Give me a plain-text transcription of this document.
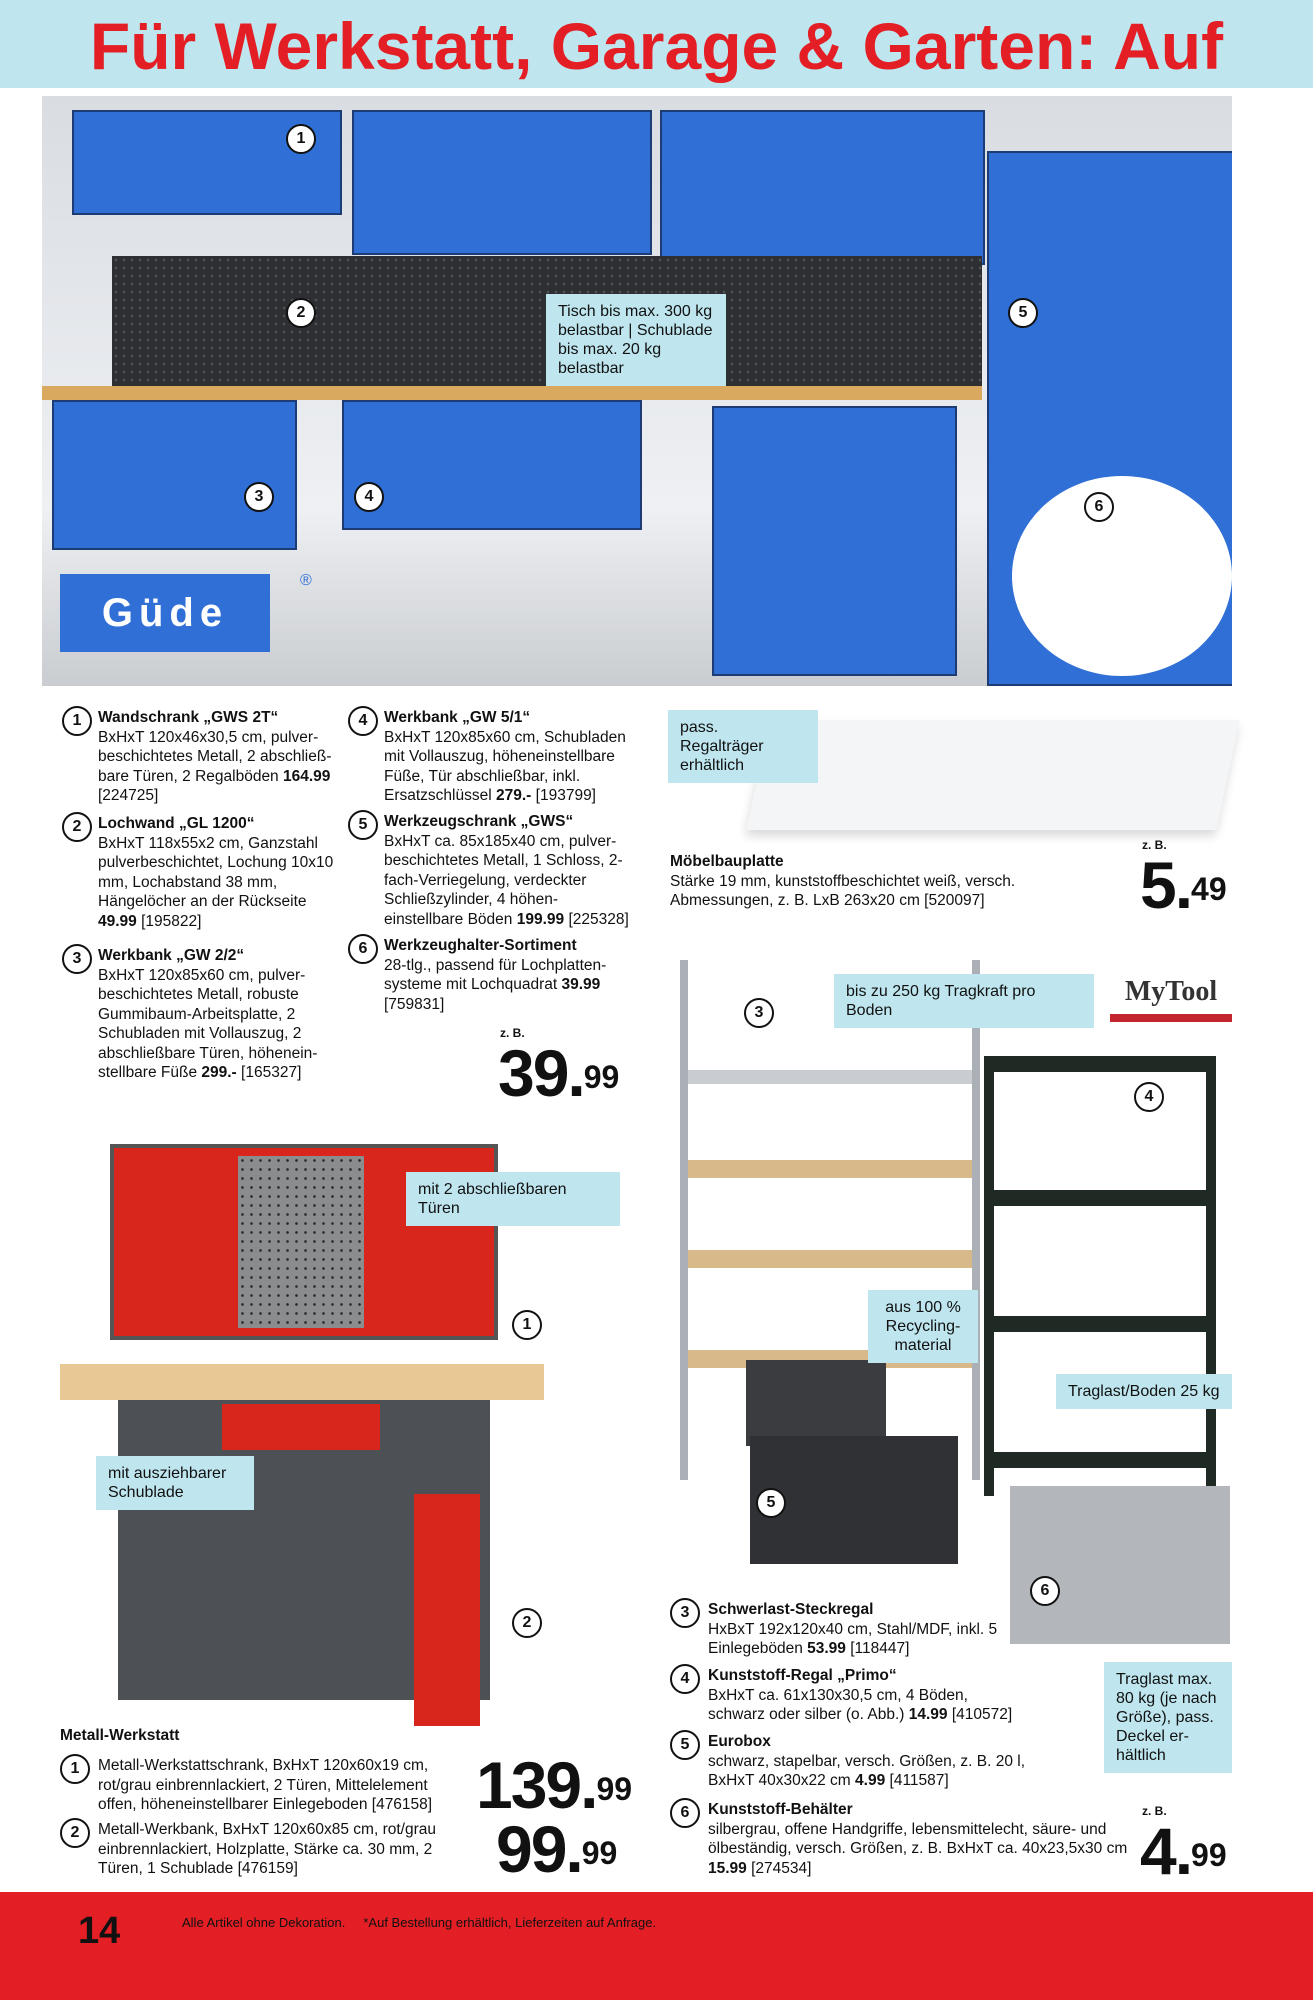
Für Werkstatt, Garage & Garten: Auf
Güde
®
Tisch bis max. 300 kg belastbar | Schublade bis max. 20 kg belastbar
1
2
3	4
5
6
1	Wandschrank „GWS 2T“
BxHxT 120x46x30,5 cm, pulverbeschichtetes Metall, 2 abschließbare Türen, 2 Regalböden 164.99 [224725]
2	Lochwand „GL 1200“
BxHxT 118x55x2 cm, Ganzstahl pulverbeschichtet, Lochung 10x10 mm, Lochabstand 38 mm, Hängelöcher an der Rückseite 49.99 [195822]
3	Werkbank „GW 2/2“
BxHxT 120x85x60 cm, pulverbeschichtetes Metall, robuste Gummibaum-Arbeitsplatte, 2 Schubladen mit Vollauszug, 2 abschließbare Türen, höheneinstellbare Füße 299.- [165327]
4	Werkbank „GW 5/1“
BxHxT 120x85x60 cm, Schubladen mit Vollauszug, höheneinstellbare Füße, Tür abschließbar, inkl. Ersatzschlüssel 279.- [193799]
5	Werkzeugschrank „GWS“
BxHxT ca. 85x185x40 cm, pulverbeschichtetes Metall, 1 Schloss, 2-fach-Verriegelung, verdeckter Schließzylinder, 4 höheneinstellbare Böden 199.99 [225328]
6	Werkzeughalter-Sortiment
28-tlg., passend für Lochplattensysteme mit Lochquadrat 39.99 [759831]
z. B.
39.99
pass. Regalträger erhältlich
Möbelbauplatte
Stärke 19 mm, kunststoffbeschichtet weiß, versch. Abmessungen, z. B. LxB 263x20 cm [520097]
z. B.
5.49
mit 2 abschließbaren Türen
mit ausziehbarer Schublade
1
2
Metall-Werkstatt
1	Metall-Werkstattschrank, BxHxT 120x60x19 cm, rot/grau einbrennlackiert, 2 Türen, Mittelelement offen, höheneinstellbarer Einlegeboden [476158]
2	Metall-Werkbank, BxHxT 120x60x85 cm, rot/grau einbrennlackiert, Holzplatte, Stärke ca. 30 mm, 2 Türen, 1 Schublade [476159]
139.99
99.99
MyTool
bis zu 250 kg Tragkraft pro Boden
aus 100 % Recyclingmaterial
Traglast/Boden 25 kg
Traglast max. 80 kg (je nach Größe), pass. Deckel erhältlich
3
4
5
6
3	Schwerlast-Steckregal
HxBxT 192x120x40 cm, Stahl/MDF, inkl. 5 Einlegeböden 53.99 [118447]
4	Kunststoff-Regal „Primo“
BxHxT ca. 61x130x30,5 cm, 4 Böden, schwarz oder silber (o. Abb.) 14.99 [410572]
5	Eurobox
schwarz, stapelbar, versch. Größen, z. B. 20 l, BxHxT 40x30x22 cm 4.99 [411587]
6	Kunststoff-Behälter
silbergrau, offene Handgriffe, lebensmittelecht, säure- und ölbeständig, versch. Größen, z. B. BxHxT ca. 40x23,5x30 cm 15.99 [274534]
z. B.
4.99
14	Alle Artikel ohne Dekoration.     *Auf Bestellung erhältlich, Lieferzeiten auf Anfrage.
